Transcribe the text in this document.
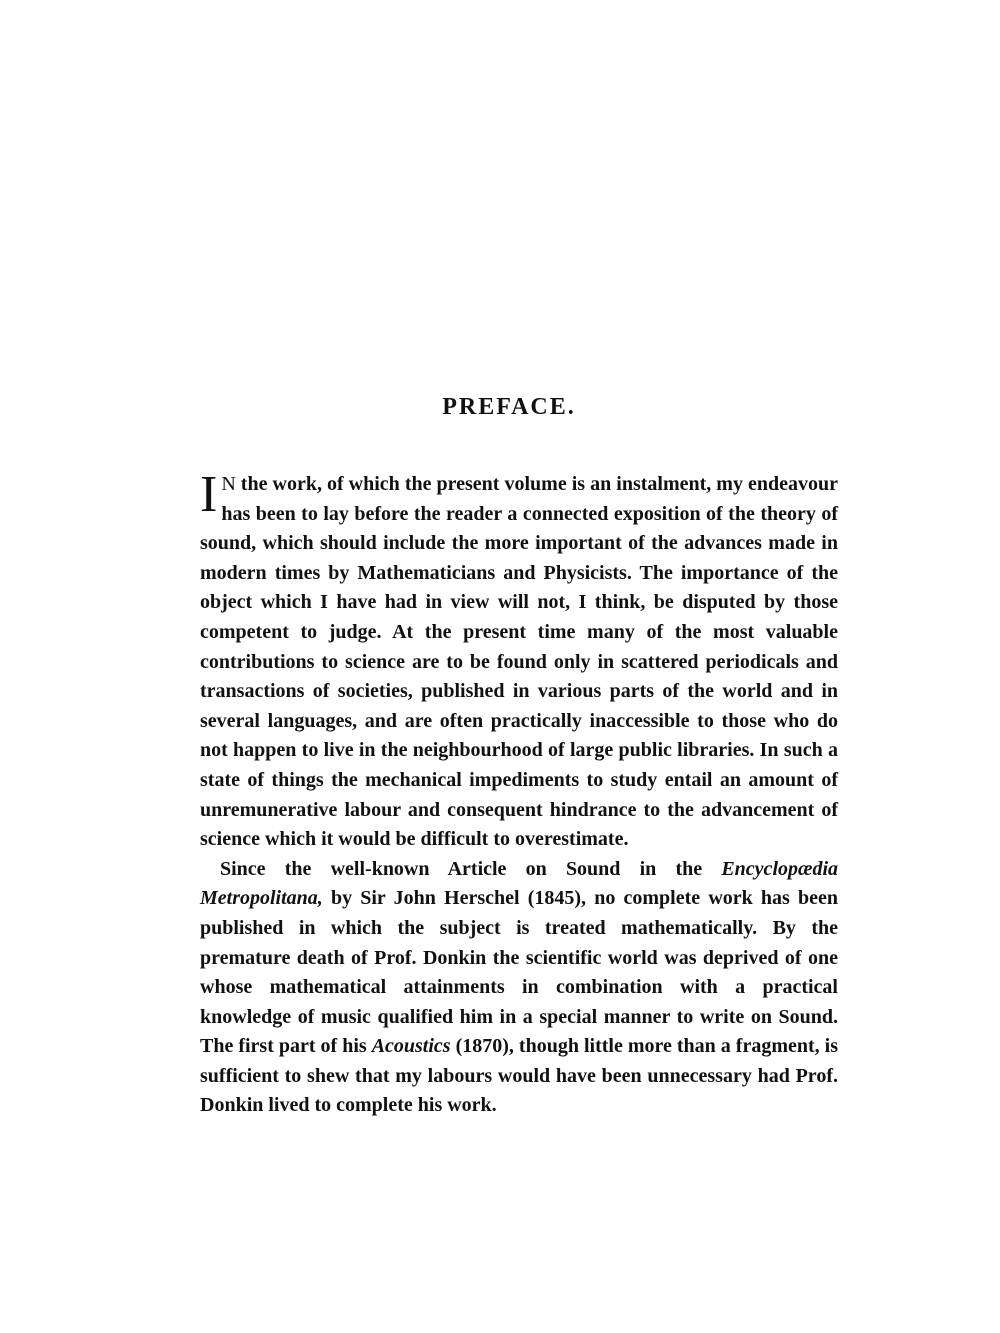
PREFACE.

I N the work, of which the present volume is an instalment, my endeavour has been to lay before the reader a connected exposition of the theory of sound, which should include the more important of the advances made in modern times by Mathematicians and Physicists. The importance of the object which I have had in view will not, I think, be disputed by those competent to judge. At the present time many of the most valuable contributions to science are to be found only in scattered periodicals and transactions of societies, published in various parts of the world and in several languages, and are often practically inaccessible to those who do not happen to live in the neighbourhood of large public libraries. In such a state of things the mechanical impediments to study entail an amount of unremunerative labour and consequent hindrance to the advancement of science which it would be difficult to overestimate.

Since the well-known Article on Sound in the Encyclopædia Metropolitana, by Sir John Herschel (1845), no complete work has been published in which the subject is treated mathematically. By the premature death of Prof. Donkin the scientific world was deprived of one whose mathematical attainments in combination with a practical knowledge of music qualified him in a special manner to write on Sound. The first part of his Acoustics (1870), though little more than a fragment, is sufficient to shew that my labours would have been unnecessary had Prof. Donkin lived to complete his work.
